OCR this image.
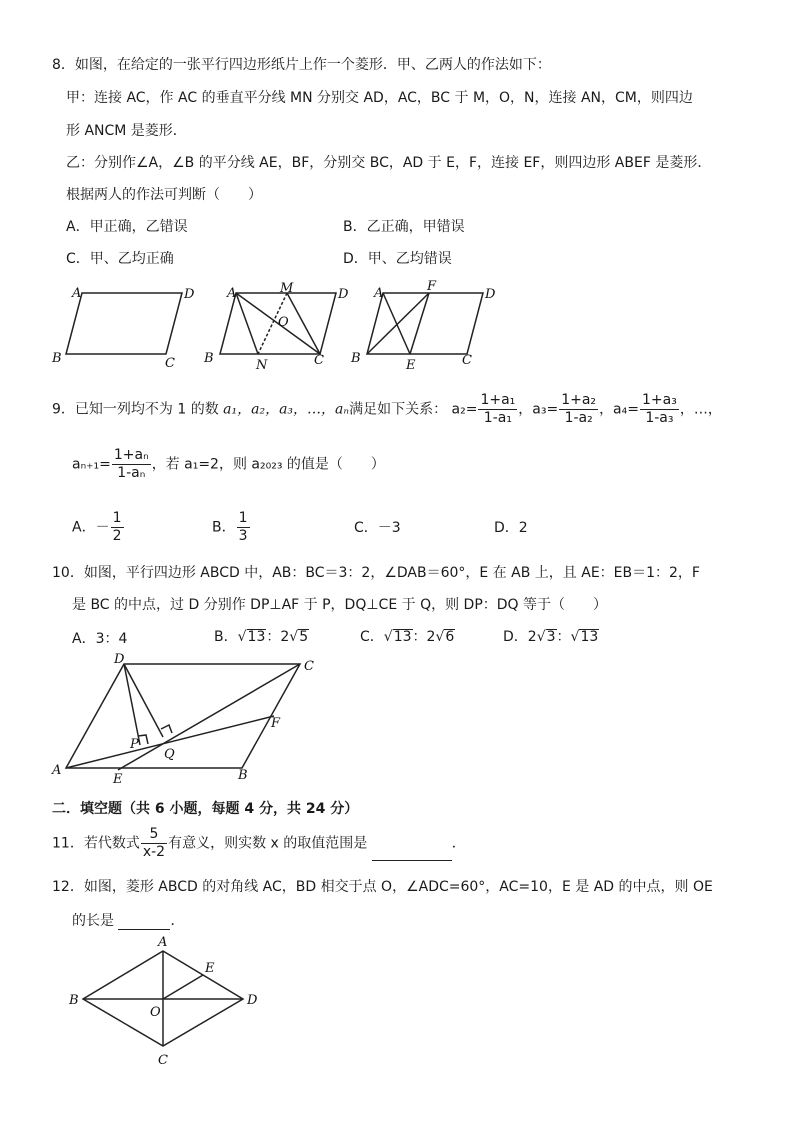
8．如图，在给定的一张平行四边形纸片上作一个菱形．甲、乙两人的作法如下：
甲：连接 AC，作 AC 的垂直平分线 MN 分别交 AD，AC，BC 于 M，O，N，连接 AN，CM，则四边
形 ANCM 是菱形．
乙：分别作∠A，∠B 的平分线 AE，BF，分别交 BC，AD 于 E，F，连接 EF，则四边形 ABEF 是菱形．
根据两人的作法可判断（　　）
A．甲正确，乙错误	B．乙正确，甲错误
C．甲、乙均正确	D．甲、乙均错误
A	D
B	C
A	M	D
O
B	N	C
A	F
D
B	E	C
9．已知一列均不为 1 的数 a₁，a₂，a₃，…，aₙ满足如下关系： $a_2= \frac{\text{1+a₁}}{\text{1-a₁}}$ ，$a_3= \frac{\text{1+a₂}}{\text{1-a₂}}$ ，$a_4= \frac{\text{1+a₃}}{\text{1-a₃}}$ ，…，
$a_{n+1}= \frac{\text{1+aₙ}}{\text{1-aₙ}}$ ，若 a₁=2，则 a₂₀₂₃ 的值是（　　）
A．－ $\frac{1}{2}$	B． $\frac{1}{3}$	C．－3	D．2
10．如图，平行四边形 ABCD 中，AB：BC＝3：2，∠DAB＝60°，E 在 AB 上，且 AE：EB＝1：2，F
是 BC 的中点，过 D 分别作 DP⊥AF 于 P，DQ⊥CE 于 Q，则 DP：DQ 等于（　　）
A．3：4	B．√13：2√5	C．√13：2√6	D．2√3：√13
D	C
F
P
Q
A
E	B
二．填空题（共 6 小题，每题 4 分，共 24 分）
11．若代数式 $\frac{5}{x-2}$ 有意义，则实数 x 的取值范围是	．
12．如图，菱形 ABCD 的对角线 AC，BD 相交于点 O，∠ADC=60°，AC=10，E 是 AD 的中点，则 OE
的长是	．
A
E
B	D
O
C
